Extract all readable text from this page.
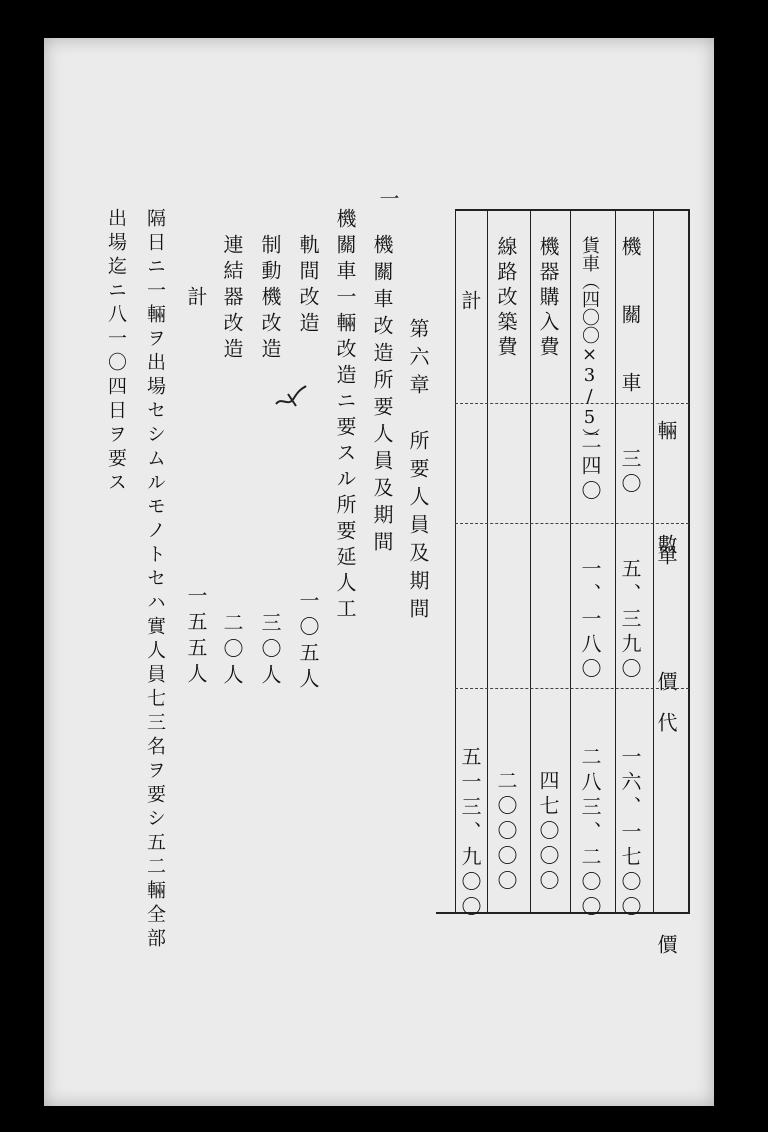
輛　　數
單　　價
代　　價
機　關　車
貨車（四〇〇×3/5）
機器購入費
線路改築費
計
三〇
二四〇
五、三九〇
一、一八〇
一六、一七〇〇
二八三、二〇〇
四七〇〇〇
二〇〇〇〇
五一三、九〇〇
第六章　所要人員及期間
一
機關車改造所要人員及期間
機關車一輛改造ニ要スル所要延人工
軌間改造
一〇五人
制動機改造
三〇人
連結器改造
二〇人
計
一五五人
隔日ニ一輛ヲ出場セシムルモノトセハ實人員七三名ヲ要シ五二輛全部
出場迄ニ八一〇四日ヲ要ス
